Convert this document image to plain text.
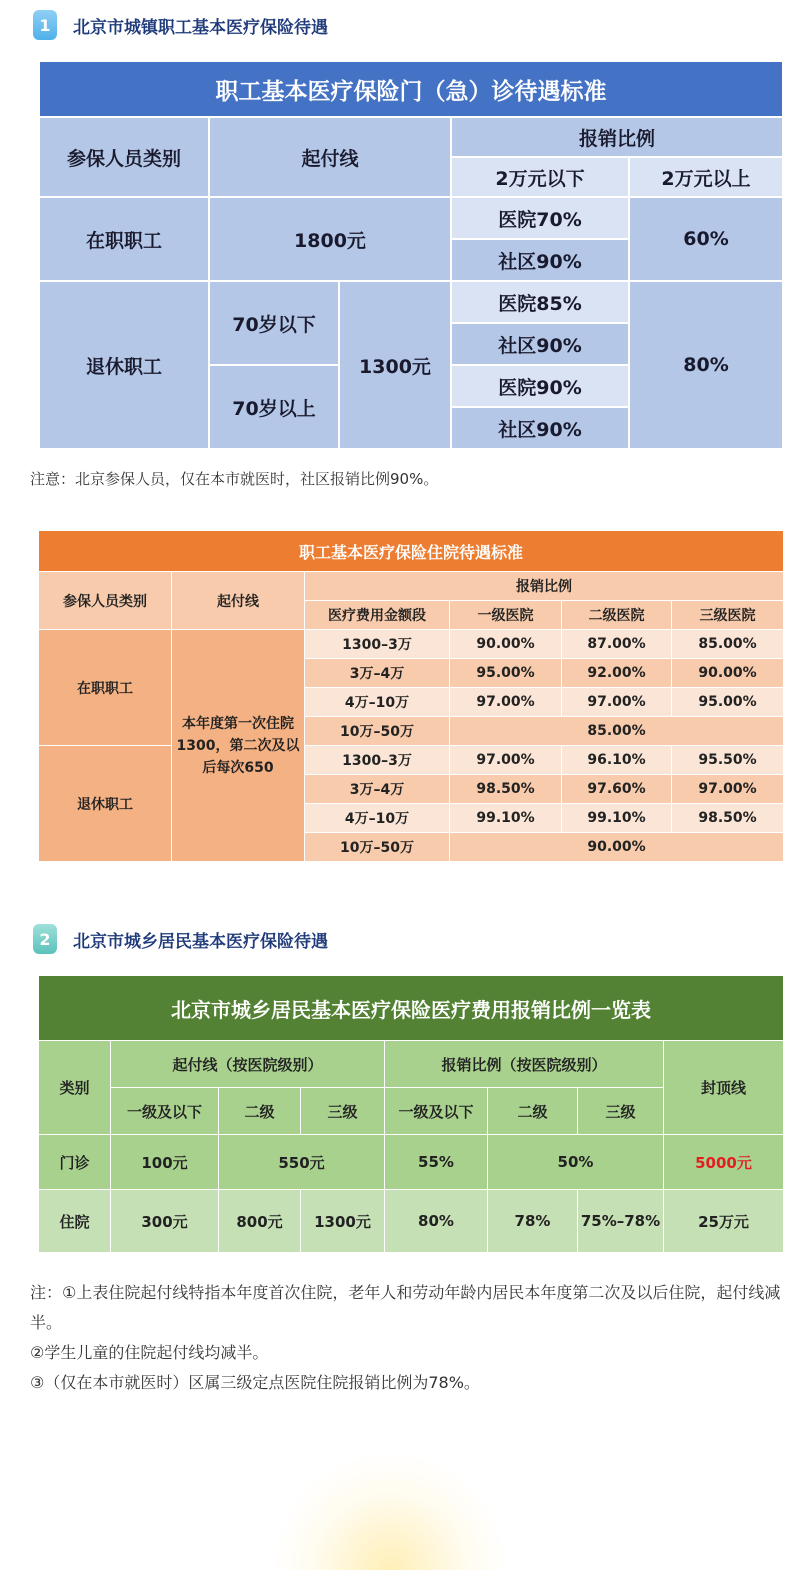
1	北京市城镇职工基本医疗保险待遇
职工基本医疗保险门（急）诊待遇标准				
参保人员类别	起付线		报销比例	
			2万元以下	2万元以上
在职职工	1800元		医院70%	60%
			社区90%	
退休职工	70岁以下	1300元	医院85%	80%
			社区90%	
	70岁以上		医院90%	
			社区90%	
注意：北京参保人员，仅在本市就医时，社区报销比例90%。
职工基本医疗保险住院待遇标准					
参保人员类别	起付线	报销比例			
		医疗费用金额段	一级医院	二级医院	三级医院
在职职工	本年度第一次住院1300，第二次及以后每次650	1300–3万	90.00%	87.00%	85.00%
		3万–4万	95.00%	92.00%	90.00%
		4万–10万	97.00%	97.00%	95.00%
		10万–50万	85.00%		
退休职工		1300–3万	97.00%	96.10%	95.50%
		3万–4万	98.50%	97.60%	97.00%
		4万–10万	99.10%	99.10%	98.50%
		10万–50万	90.00%		
2	北京市城乡居民基本医疗保险待遇
北京市城乡居民基本医疗保险医疗费用报销比例一览表							
类别	起付线（按医院级别）			报销比例（按医院级别）			封顶线
	一级及以下	二级	三级	一级及以下	二级	三级	
门诊	100元	550元		55%	50%		5000元
住院	300元	800元	1300元	80%	78%	75%–78%	25万元

注：①上表住院起付线特指本年度首次住院，老年人和劳动年龄内居民本年度第二次及以后住院，起付线减半。

②学生儿童的住院起付线均减半。

③（仅在本市就医时）区属三级定点医院住院报销比例为78%。
